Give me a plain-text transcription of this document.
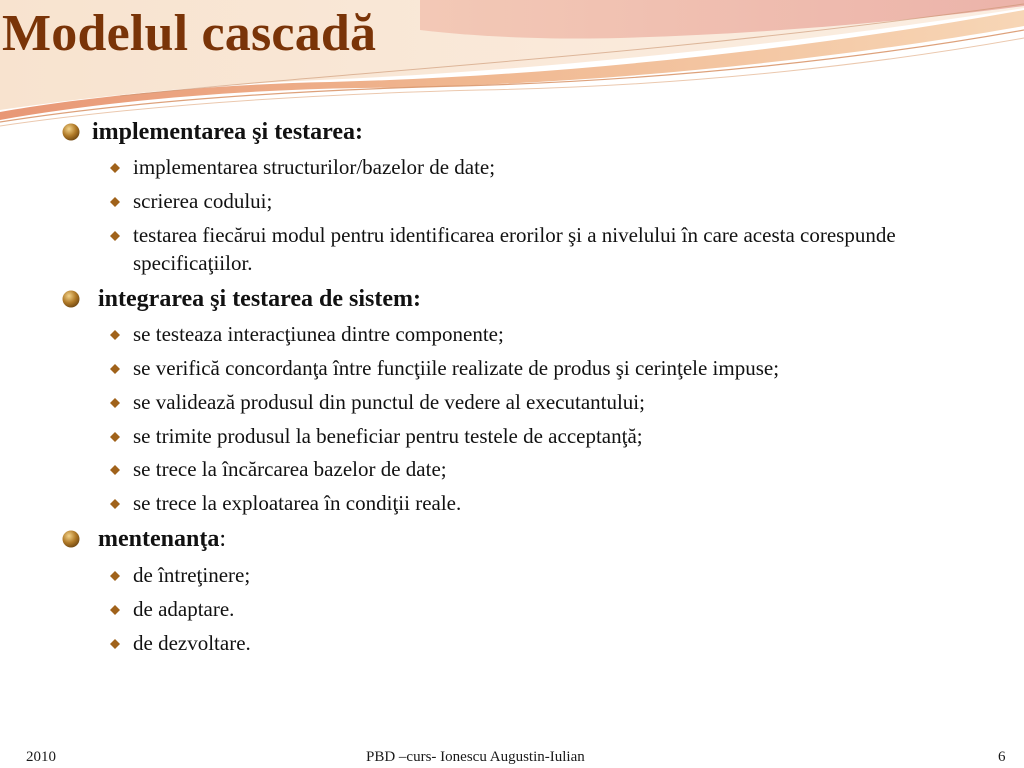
Modelul cascadă
implementarea şi testarea:
implementarea structurilor/bazelor de date;
scrierea codului;
testarea fiecărui modul pentru identificarea erorilor şi a nivelului în care acesta corespunde specificaţiilor.
integrarea şi testarea de sistem:
se testeaza interacţiunea dintre componente;
se verifică concordanţa între funcţiile realizate de produs şi cerinţele impuse;
se validează produsul din punctul de vedere al executantului;
se trimite produsul la beneficiar pentru testele de acceptanţă;
se trece la încărcarea bazelor de date;
se trece la exploatarea în condiţii reale.
mentenanţa:
de întreţinere;
de adaptare.
de dezvoltare.
2010	PBD –curs- Ionescu Augustin-Iulian	6
